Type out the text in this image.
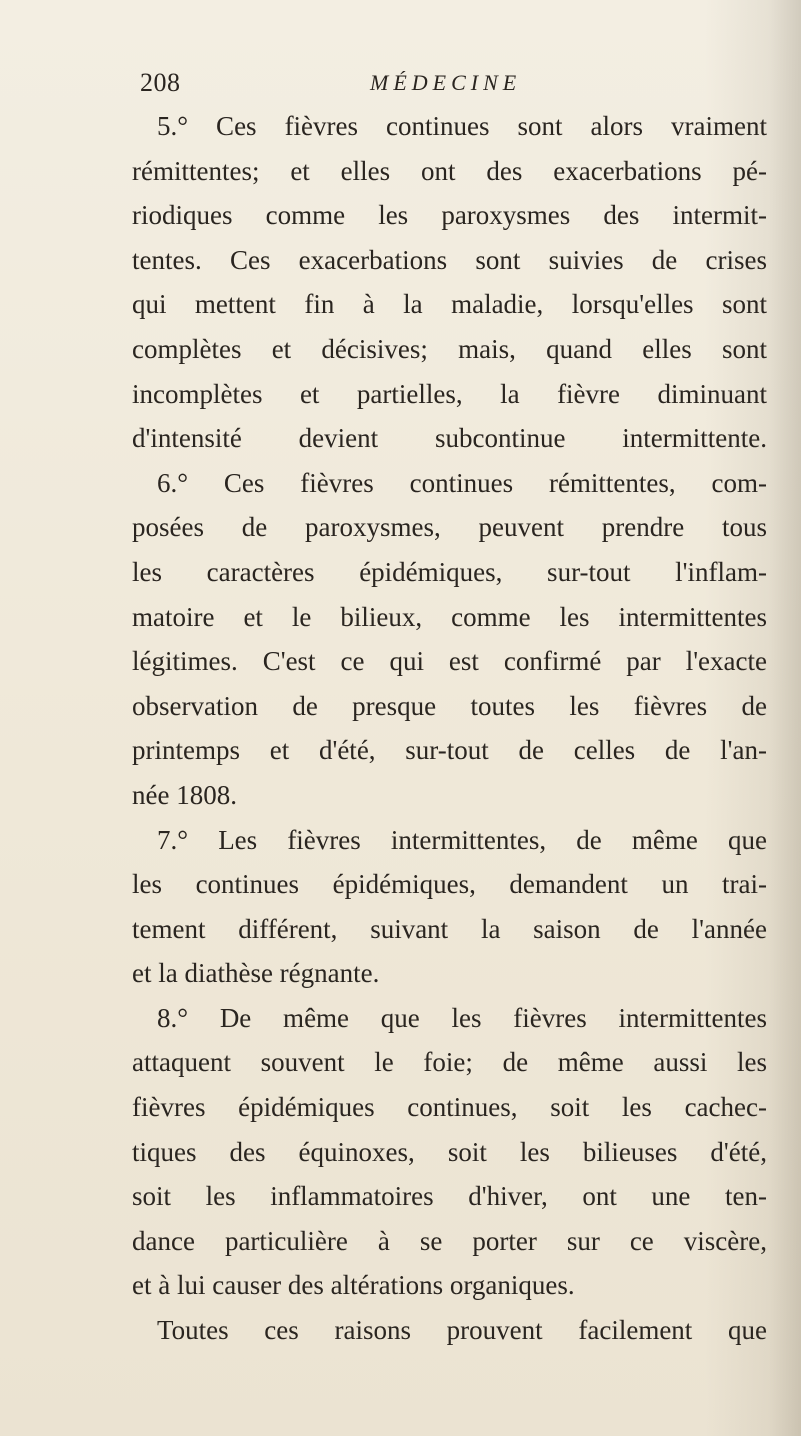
208	MÉDECINE
5.° Ces fièvres continues sont alors vraiment
rémittentes; et elles ont des exacerbations pé-
riodiques comme les paroxysmes des intermit-
tentes. Ces exacerbations sont suivies de crises
qui mettent fin à la maladie, lorsqu'elles sont
complètes et décisives; mais, quand elles sont
incomplètes et partielles, la fièvre diminuant
d'intensité devient subcontinue intermittente.
6.° Ces fièvres continues rémittentes, com-
posées de paroxysmes, peuvent prendre tous
les caractères épidémiques, sur-tout l'inflam-
matoire et le bilieux, comme les intermittentes
légitimes. C'est ce qui est confirmé par l'exacte
observation de presque toutes les fièvres de
printemps et d'été, sur-tout de celles de l'an-
née 1808.
7.° Les fièvres intermittentes, de même que
les continues épidémiques, demandent un trai-
tement différent, suivant la saison de l'année
et la diathèse régnante.
8.° De même que les fièvres intermittentes
attaquent souvent le foie; de même aussi les
fièvres épidémiques continues, soit les cachec-
tiques des équinoxes, soit les bilieuses d'été,
soit les inflammatoires d'hiver, ont une ten-
dance particulière à se porter sur ce viscère,
et à lui causer des altérations organiques.
Toutes ces raisons prouvent facilement que
